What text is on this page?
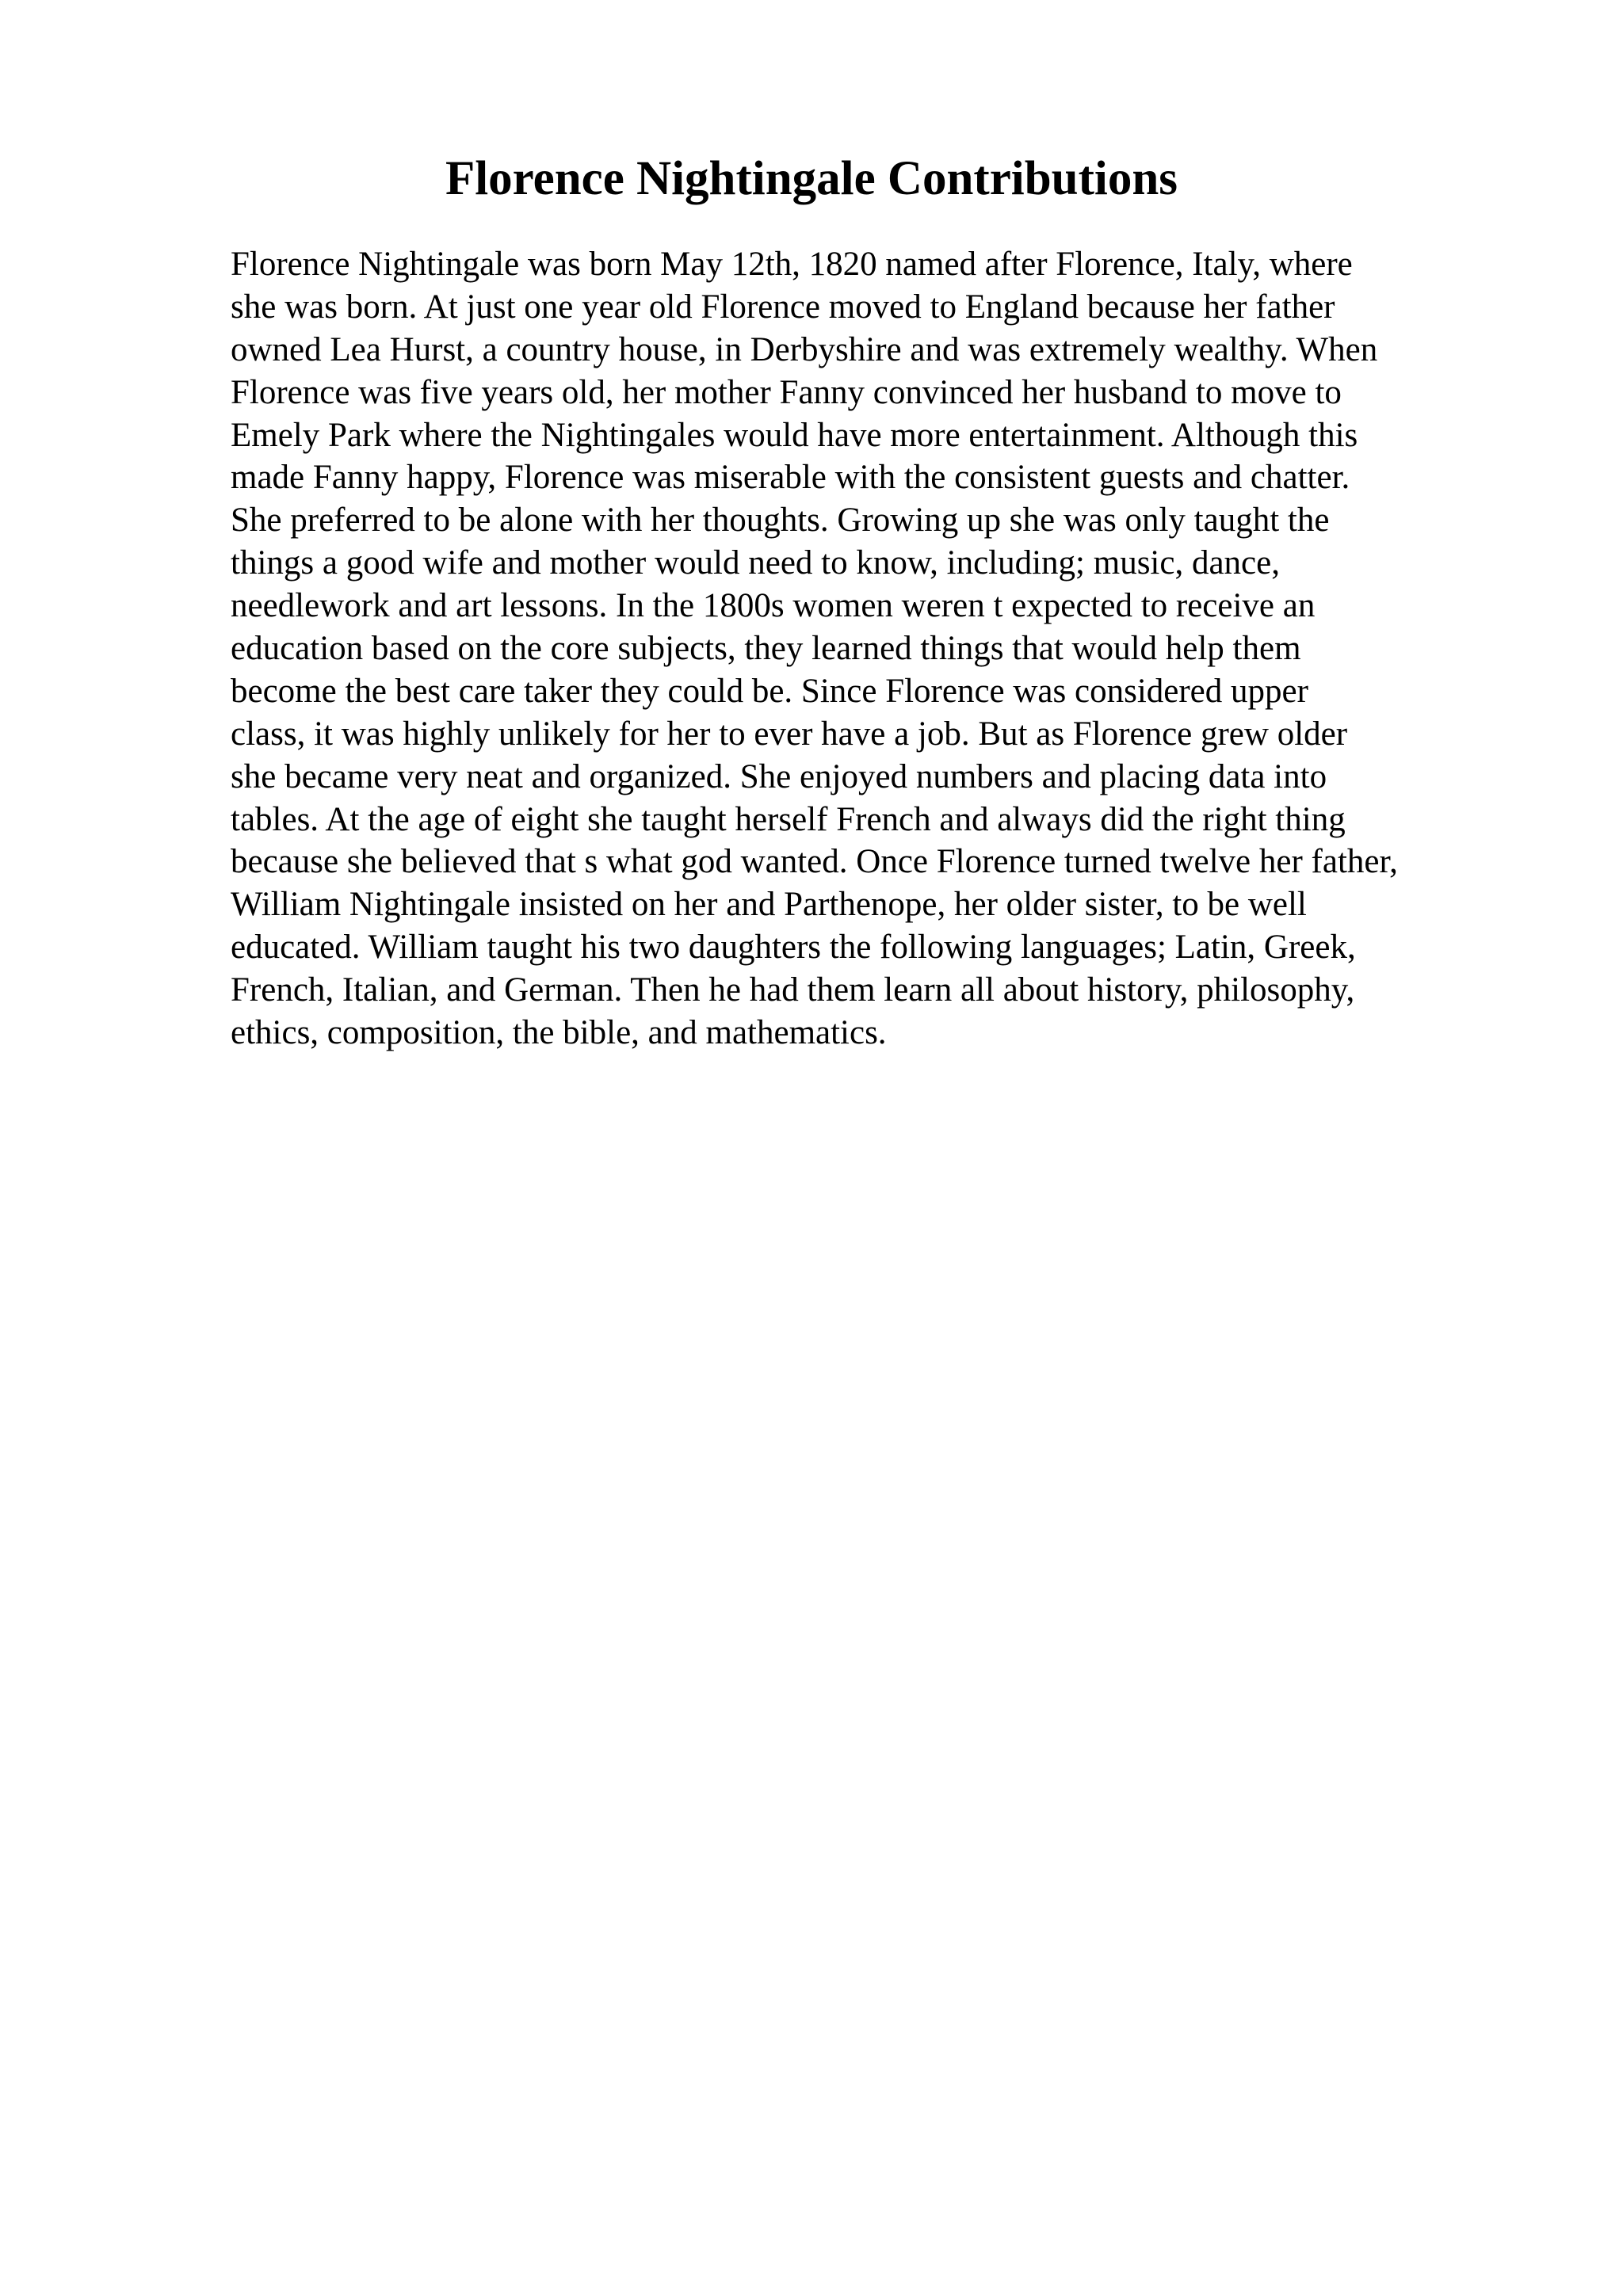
Florence Nightingale Contributions
Florence Nightingale was born May 12th, 1820 named after Florence, Italy, where
she was born. At just one year old Florence moved to England because her father
owned Lea Hurst, a country house, in Derbyshire and was extremely wealthy. When
Florence was five years old, her mother Fanny convinced her husband to move to
Emely Park where the Nightingales would have more entertainment. Although this
made Fanny happy, Florence was miserable with the consistent guests and chatter.
She preferred to be alone with her thoughts. Growing up she was only taught the
things a good wife and mother would need to know, including; music, dance,
needlework and art lessons. In the 1800s women weren t expected to receive an
education based on the core subjects, they learned things that would help them
become the best care taker they could be. Since Florence was considered upper
class, it was highly unlikely for her to ever have a job. But as Florence grew older
she became very neat and organized. She enjoyed numbers and placing data into
tables. At the age of eight she taught herself French and always did the right thing
because she believed that s what god wanted. Once Florence turned twelve her father,
William Nightingale insisted on her and Parthenope, her older sister, to be well
educated. William taught his two daughters the following languages; Latin, Greek,
French, Italian, and German. Then he had them learn all about history, philosophy,
ethics, composition, the bible, and mathematics.
